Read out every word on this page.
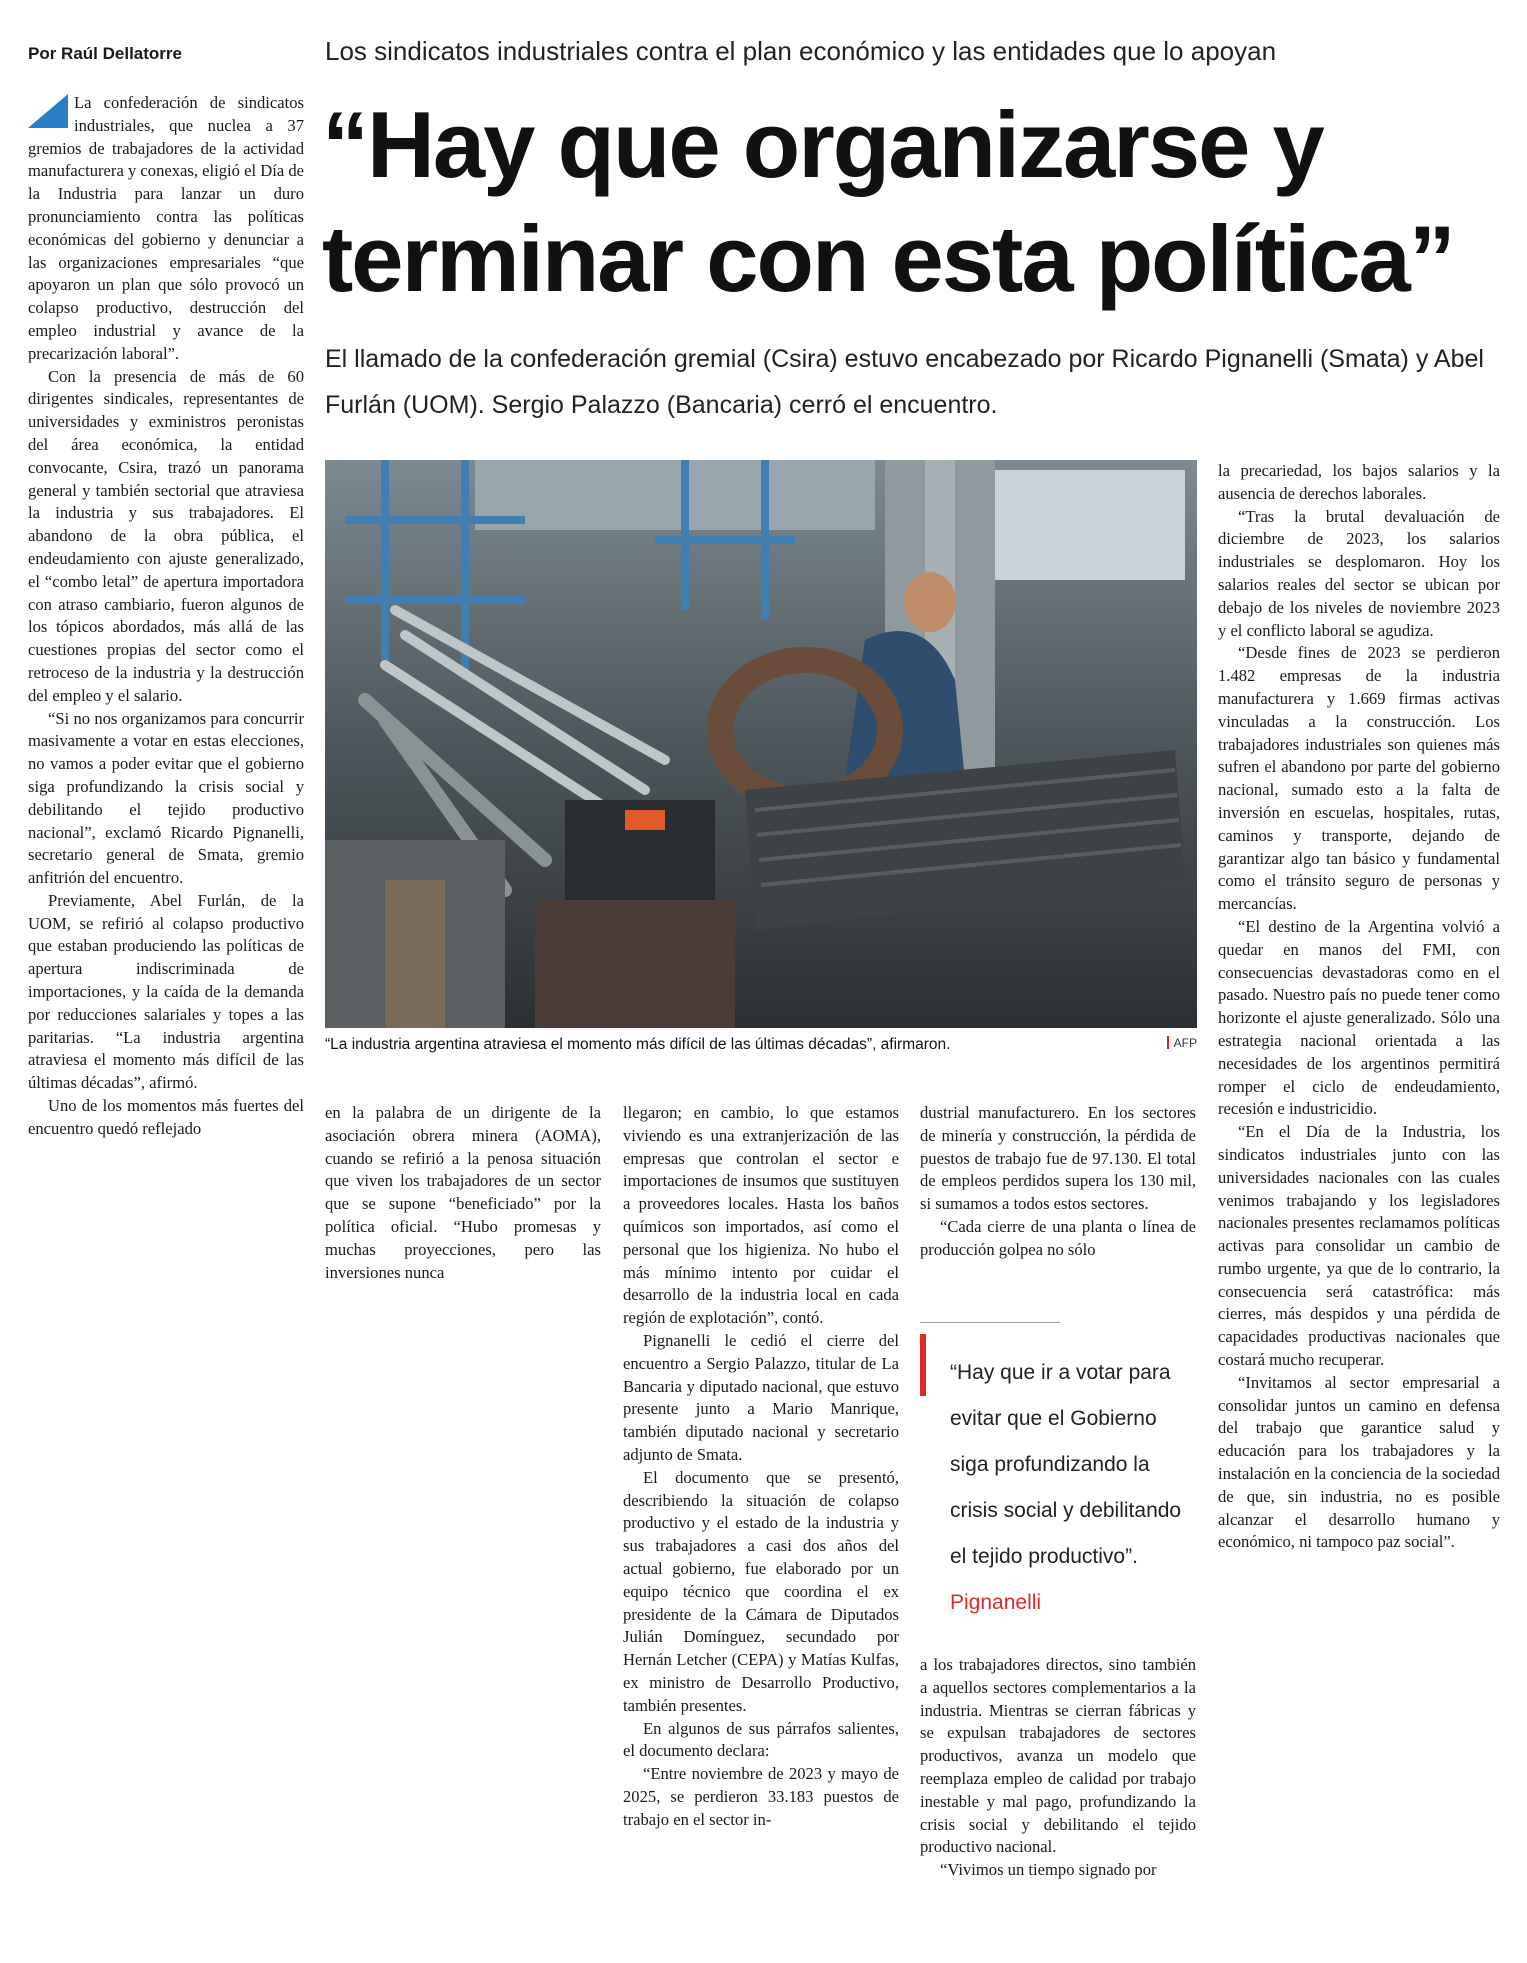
Por Raúl Dellatorre	Los sindicatos industriales contra el plan económico y las entidades que lo apoyan
“Hay que organizarse y terminar con esta política”
El llamado de la confederación gremial (Csira) estuvo encabezado por Ricardo Pignanelli (Smata) y Abel Furlán (UOM). Sergio Palazzo (Bancaria) cerró el encuentro.

La confederación de sindicatos industriales, que nuclea a 37 gremios de trabajadores de la actividad manufacturera y conexas, eligió el Día de la Industria para lanzar un duro pronunciamiento contra las políticas económicas del gobierno y denunciar a las organizaciones empresariales “que apoyaron un plan que sólo provocó un colapso productivo, destrucción del empleo industrial y avance de la precarización laboral”.

Con la presencia de más de 60 dirigentes sindicales, representantes de universidades y exministros peronistas del área económica, la entidad convocante, Csira, trazó un panorama general y también sectorial que atraviesa la industria y sus trabajadores. El abandono de la obra pública, el endeudamiento con ajuste generalizado, el “combo letal” de apertura importadora con atraso cambiario, fueron algunos de los tópicos abordados, más allá de las cuestiones propias del sector como el retroceso de la industria y la destrucción del empleo y el salario.

“Si no nos organizamos para concurrir masivamente a votar en estas elecciones, no vamos a poder evitar que el gobierno siga profundizando la crisis social y debilitando el tejido productivo nacional”, exclamó Ricardo Pignanelli, secretario general de Smata, gremio anfitrión del encuentro.

Previamente, Abel Furlán, de la UOM, se refirió al colapso productivo que estaban produciendo las políticas de apertura indiscriminada de importaciones, y la caída de la demanda por reducciones salariales y topes a las paritarias. “La industria argentina atraviesa el momento más difícil de las últimas décadas”, afirmó.

Uno de los momentos más fuertes del encuentro quedó reflejado

“La industria argentina atraviesa el momento más difícil de las últimas décadas”, afirmaron.	AFP

en la palabra de un dirigente de la asociación obrera minera (AOMA), cuando se refirió a la penosa situación que viven los trabajadores de un sector que se supone “beneficiado” por la política oficial. “Hubo promesas y muchas proyecciones, pero las inversiones nunca

llegaron; en cambio, lo que estamos viviendo es una extranjerización de las empresas que controlan el sector e importaciones de insumos que sustituyen a proveedores locales. Hasta los baños químicos son importados, así como el personal que los higieniza. No hubo el más mínimo intento por cuidar el desarrollo de la industria local en cada región de explotación”, contó.

Pignanelli le cedió el cierre del encuentro a Sergio Palazzo, titular de La Bancaria y diputado nacional, que estuvo presente junto a Mario Manrique, también diputado nacional y secretario adjunto de Smata.

El documento que se presentó, describiendo la situación de colapso productivo y el estado de la industria y sus trabajadores a casi dos años del actual gobierno, fue elaborado por un equipo técnico que coordina el ex presidente de la Cámara de Diputados Julián Domínguez, secundado por Hernán Letcher (CEPA) y Matías Kulfas, ex ministro de Desarrollo Productivo, también presentes.

En algunos de sus párrafos salientes, el documento declara:

“Entre noviembre de 2023 y mayo de 2025, se perdieron 33.183 puestos de trabajo en el sector in-

dustrial manufacturero. En los sectores de minería y construcción, la pérdida de puestos de trabajo fue de 97.130. El total de empleos perdidos supera los 130 mil, si sumamos a todos estos sectores.

“Cada cierre de una planta o línea de producción golpea no sólo

“Hay que ir a votar para evitar que el Gobierno siga profundizando la crisis social y debilitando el tejido productivo”. Pignanelli

a los trabajadores directos, sino también a aquellos sectores complementarios a la industria. Mientras se cierran fábricas y se expulsan trabajadores de sectores productivos, avanza un modelo que reemplaza empleo de calidad por trabajo inestable y mal pago, profundizando la crisis social y debilitando el tejido productivo nacional.

“Vivimos un tiempo signado por

la precariedad, los bajos salarios y la ausencia de derechos laborales.

“Tras la brutal devaluación de diciembre de 2023, los salarios industriales se desplomaron. Hoy los salarios reales del sector se ubican por debajo de los niveles de noviembre 2023 y el conflicto laboral se agudiza.

“Desde fines de 2023 se perdieron 1.482 empresas de la industria manufacturera y 1.669 firmas activas vinculadas a la construcción. Los trabajadores industriales son quienes más sufren el abandono por parte del gobierno nacional, sumado esto a la falta de inversión en escuelas, hospitales, rutas, caminos y transporte, dejando de garantizar algo tan básico y fundamental como el tránsito seguro de personas y mercancías.

“El destino de la Argentina volvió a quedar en manos del FMI, con consecuencias devastadoras como en el pasado. Nuestro país no puede tener como horizonte el ajuste generalizado. Sólo una estrategia nacional orientada a las necesidades de los argentinos permitirá romper el ciclo de endeudamiento, recesión e industricidio.

“En el Día de la Industria, los sindicatos industriales junto con las universidades nacionales con las cuales venimos trabajando y los legisladores nacionales presentes reclamamos políticas activas para consolidar un cambio de rumbo urgente, ya que de lo contrario, la consecuencia será catastrófica: más cierres, más despidos y una pérdida de capacidades productivas nacionales que costará mucho recuperar.

“Invitamos al sector empresarial a consolidar juntos un camino en defensa del trabajo que garantice salud y educación para los trabajadores y la instalación en la conciencia de la sociedad de que, sin industria, no es posible alcanzar el desarrollo humano y económico, ni tampoco paz social”.
